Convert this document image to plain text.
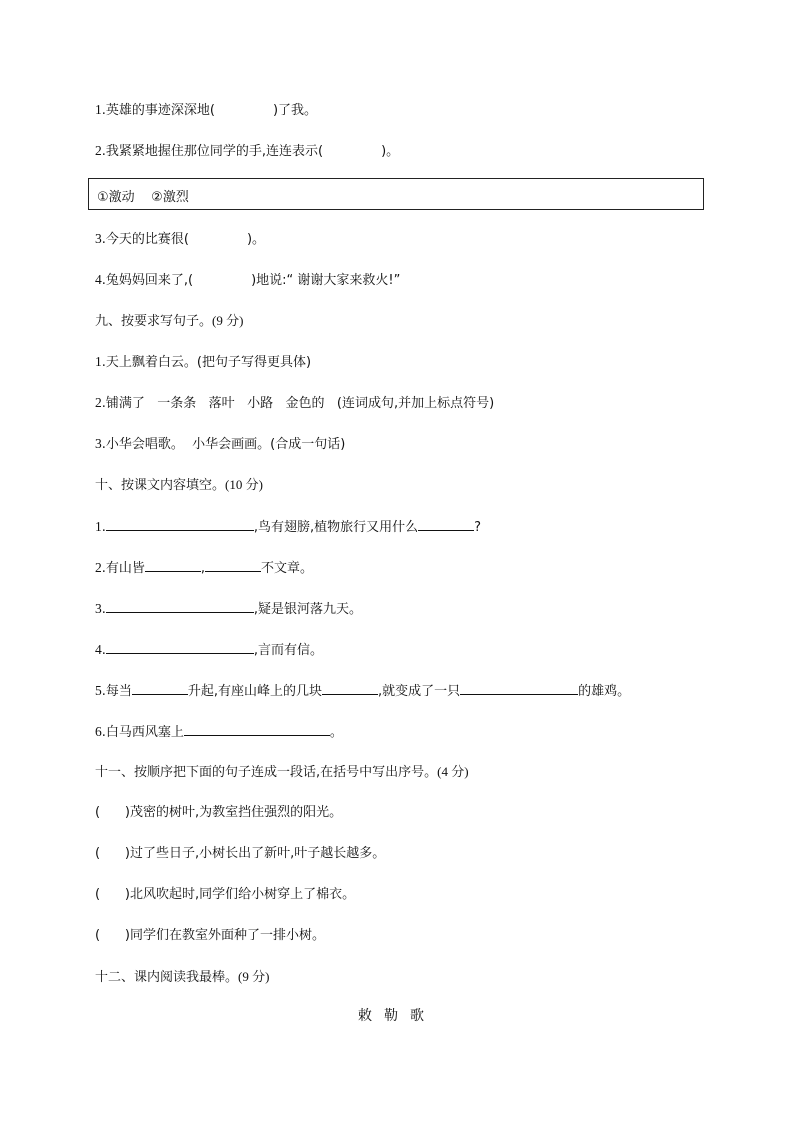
1.英雄的事迹深深地(	)了我。
2.我紧紧地握住那位同学的手,连连表示(	)。
①激动    ②激烈
3.今天的比赛很(	)。
4.兔妈妈回来了,(	)地说:“ 谢谢大家来救火!”
九、按要求写句子。(9 分)
1.天上飘着白云。(把句子写得更具体)
2.铺满了   一条条   落叶   小路   金色的   (连词成句,并加上标点符号)
3.小华会唱歌。  小华会画画。(合成一句话)
十、按课文内容填空。(10 分)
1.	,鸟有翅膀,植物旅行又用什么	?
2.有山皆	,	不文章。
3.	,疑是银河落九天。
4.	,言而有信。
5.每当	升起,有座山峰上的几块	,就变成了一只	的雄鸡。
6.白马西风塞上	。
十一、按顺序把下面的句子连成一段话,在括号中写出序号。(4 分)
(      )茂密的树叶,为教室挡住强烈的阳光。
(      )过了些日子,小树长出了新叶,叶子越长越多。
(      )北风吹起时,同学们给小树穿上了棉衣。
(      )同学们在教室外面种了一排小树。
十二、课内阅读我最棒。(9 分)
敕勒歌
